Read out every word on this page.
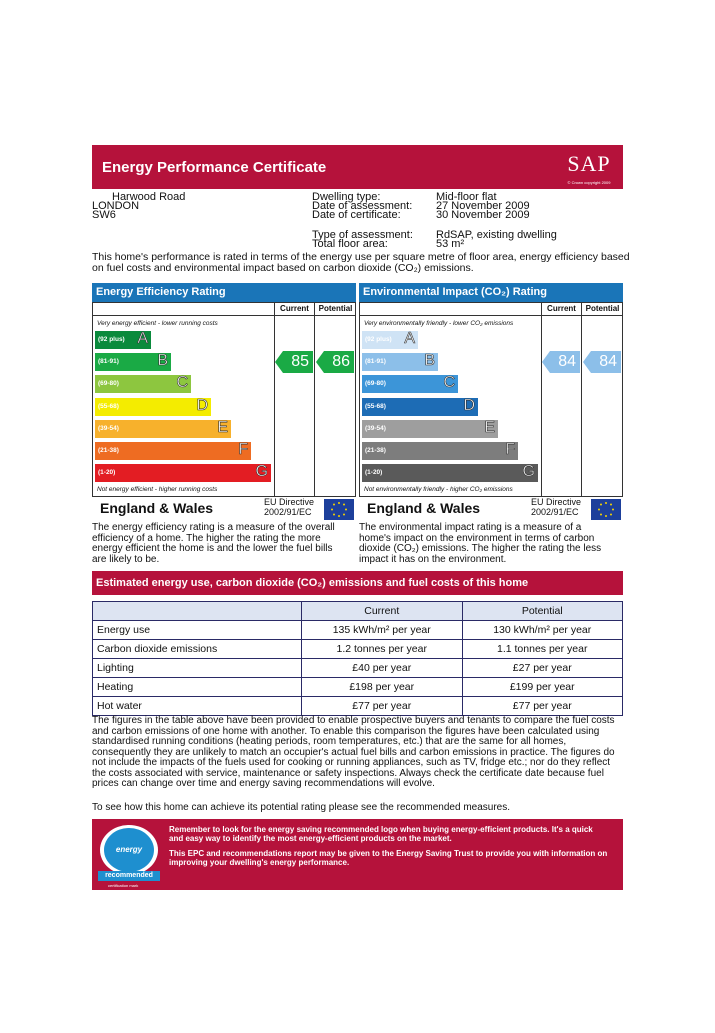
Energy Performance Certificate	SAP
© Crown copyright 2009
Harwood Road
LONDON
SW6
Dwelling type:	Mid-floor flat
Date of assessment: 27 November 2009
Date of certificate:	30 November 2009
Type of assessment: RdSAP, existing dwelling
Total floor area:	53 m²
This home's performance is rated in terms of the energy use per square metre of floor area, energy efficiency based on fuel costs and environmental impact based on carbon dioxide (CO₂) emissions.
Energy Efficiency Rating
Current	Potential
Very energy efficient - lower running costs
Not energy efficient - higher running costs
(92 plus) A
(81-91) B
(69-80)	C
(55-68)	D
(39-54)	E
(21-38)	F
(1-20)	G
85 86
England & Wales	EU Directive 2002/91/EC
Environmental Impact (CO₂) Rating
Current	Potential
Very environmentally friendly - lower CO₂ emissions
Not environmentally friendly - higher CO₂ emissions
(92 plus) A
(81-91) B
(69-80)	C
(55-68)	D
(39-54)	E
(21-38)	F
(1-20)	G
84 84
England & Wales	EU Directive 2002/91/EC
The energy efficiency rating is a measure of the overall efficiency of a home. The higher the rating the more energy efficient the home is and the lower the fuel bills are likely to be.
The environmental impact rating is a measure of a home's impact on the environment in terms of carbon dioxide (CO₂) emissions. The higher the rating the less impact it has on the environment.
Estimated energy use, carbon dioxide (CO₂) emissions and fuel costs of this home
	Current	Potential
Energy use	135 kWh/m² per year	130 kWh/m² per year
Carbon dioxide emissions	1.2 tonnes per year	1.1 tonnes per year
Lighting	£40 per year	£27 per year
Heating	£198 per year	£199 per year
Hot water	£77 per year	£77 per year
The figures in the table above have been provided to enable prospective buyers and tenants to compare the fuel costs and carbon emissions of one home with another. To enable this comparison the figures have been calculated using standardised running conditions (heating periods, room temperatures, etc.) that are the same for all homes, consequently they are unlikely to match an occupier's actual fuel bills and carbon emissions in practice. The figures do not include the impacts of the fuels used for cooking or running appliances, such as TV, fridge etc.; nor do they reflect the costs associated with service, maintenance or safety inspections. Always check the certificate date because fuel prices can change over time and energy saving recommendations will evolve.
To see how this home can achieve its potential rating please see the recommended measures.
energy saving
recommended
certification mark
Remember to look for the energy saving recommended logo when buying energy-efficient products. It's a quick and easy way to identify the most energy-efficient products on the market.
This EPC and recommendations report may be given to the Energy Saving Trust to provide you with information on improving your dwelling's energy performance.
